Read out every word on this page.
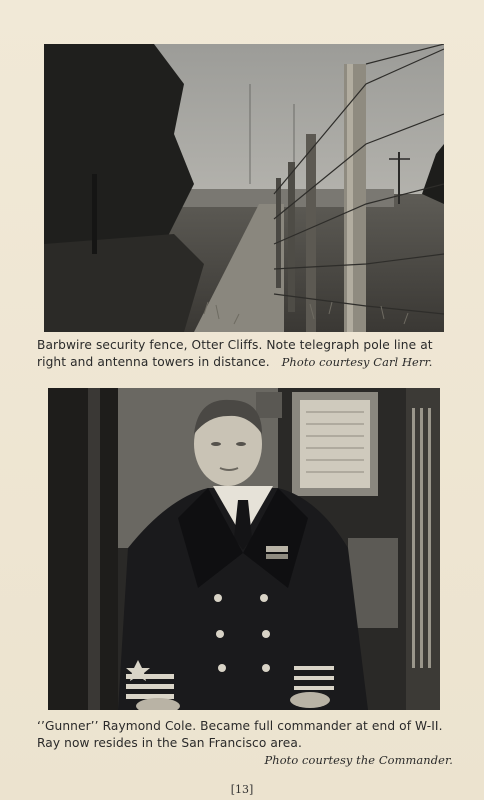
Barbwire security fence, Otter Cliffs. Note telegraph pole line at
right and antenna towers in distance. Photo courtesy Carl Herr.
‘’Gunner’’ Raymond Cole. Became full commander at end of W-II.
Ray now resides in the San Francisco area.
Photo courtesy the Commander.
[13]
